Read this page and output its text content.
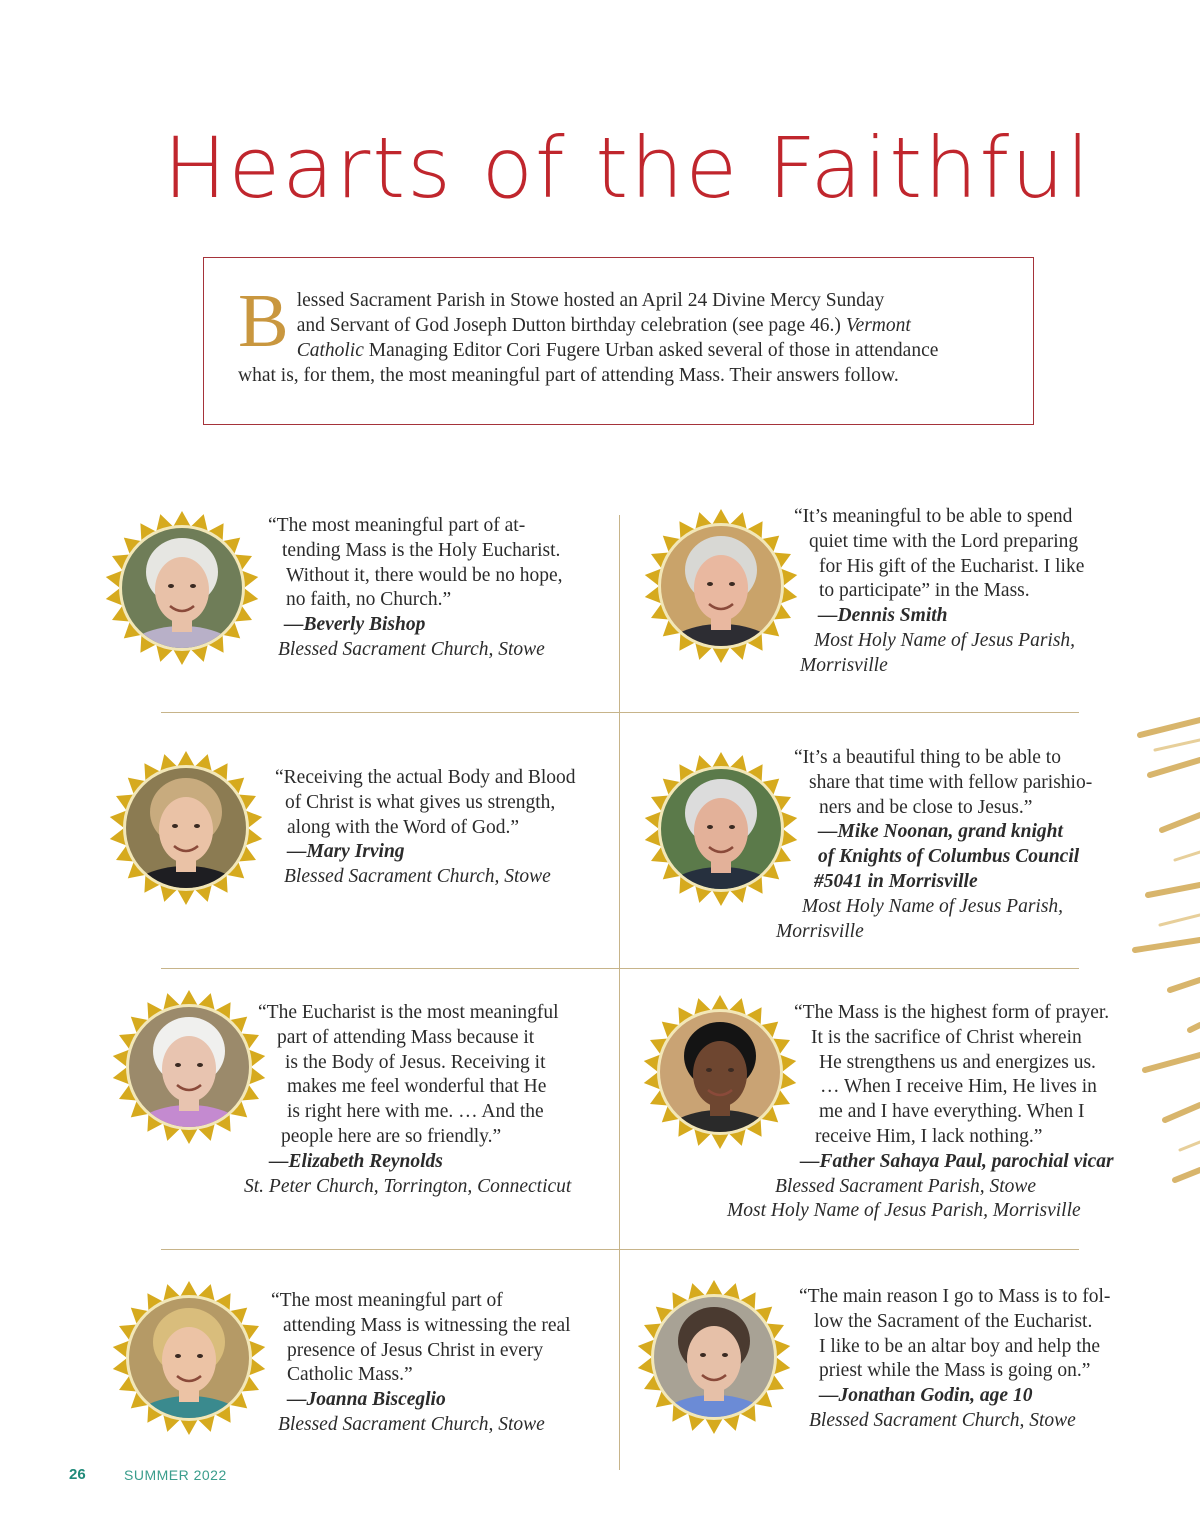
Hearts of the Faithful
B lessed Sacrament Parish in Stowe hosted an April 24 Divine Mercy Sunday
and Servant of God Joseph Dutton birthday celebration (see page 46.) Vermont
Catholic Managing Editor Cori Fugere Urban asked several of those in attendance
what is, for them, the most meaningful part of attending Mass. Their answers follow.
“The most meaningful part of at-
tending Mass is the Holy Eucharist.
Without it, there would be no hope,
no faith, no Church.”
—Beverly Bishop
Blessed Sacrament Church, Stowe
“It’s meaningful to be able to spend
quiet time with the Lord preparing
for His gift of the Eucharist. I like
to participate” in the Mass.
—Dennis Smith
Most Holy Name of Jesus Parish,
Morrisville
“Receiving the actual Body and Blood
of Christ is what gives us strength,
along with the Word of God.”
—Mary Irving
Blessed Sacrament Church, Stowe
“It’s a beautiful thing to be able to
share that time with fellow parishio-
ners and be close to Jesus.”
—Mike Noonan, grand knight
of Knights of Columbus Council
#5041 in Morrisville
Most Holy Name of Jesus Parish,
Morrisville
“The Eucharist is the most meaningful
part of attending Mass because it
is the Body of Jesus. Receiving it
makes me feel wonderful that He
is right here with me. … And the
people here are so friendly.”
—Elizabeth Reynolds
St. Peter Church, Torrington, Connecticut
“The Mass is the highest form of prayer.
It is the sacrifice of Christ wherein
He strengthens us and energizes us.
… When I receive Him, He lives in
me and I have everything. When I
receive Him, I lack nothing.”
—Father Sahaya Paul, parochial vicar
Blessed Sacrament Parish, Stowe
Most Holy Name of Jesus Parish, Morrisville
“The most meaningful part of
attending Mass is witnessing the real
presence of Jesus Christ in every
Catholic Mass.”
—Joanna Bisceglio
Blessed Sacrament Church, Stowe
“The main reason I go to Mass is to fol-
low the Sacrament of the Eucharist.
I like to be an altar boy and help the
priest while the Mass is going on.”
—Jonathan Godin, age 10
Blessed Sacrament Church, Stowe
26	SUMMER 2022
